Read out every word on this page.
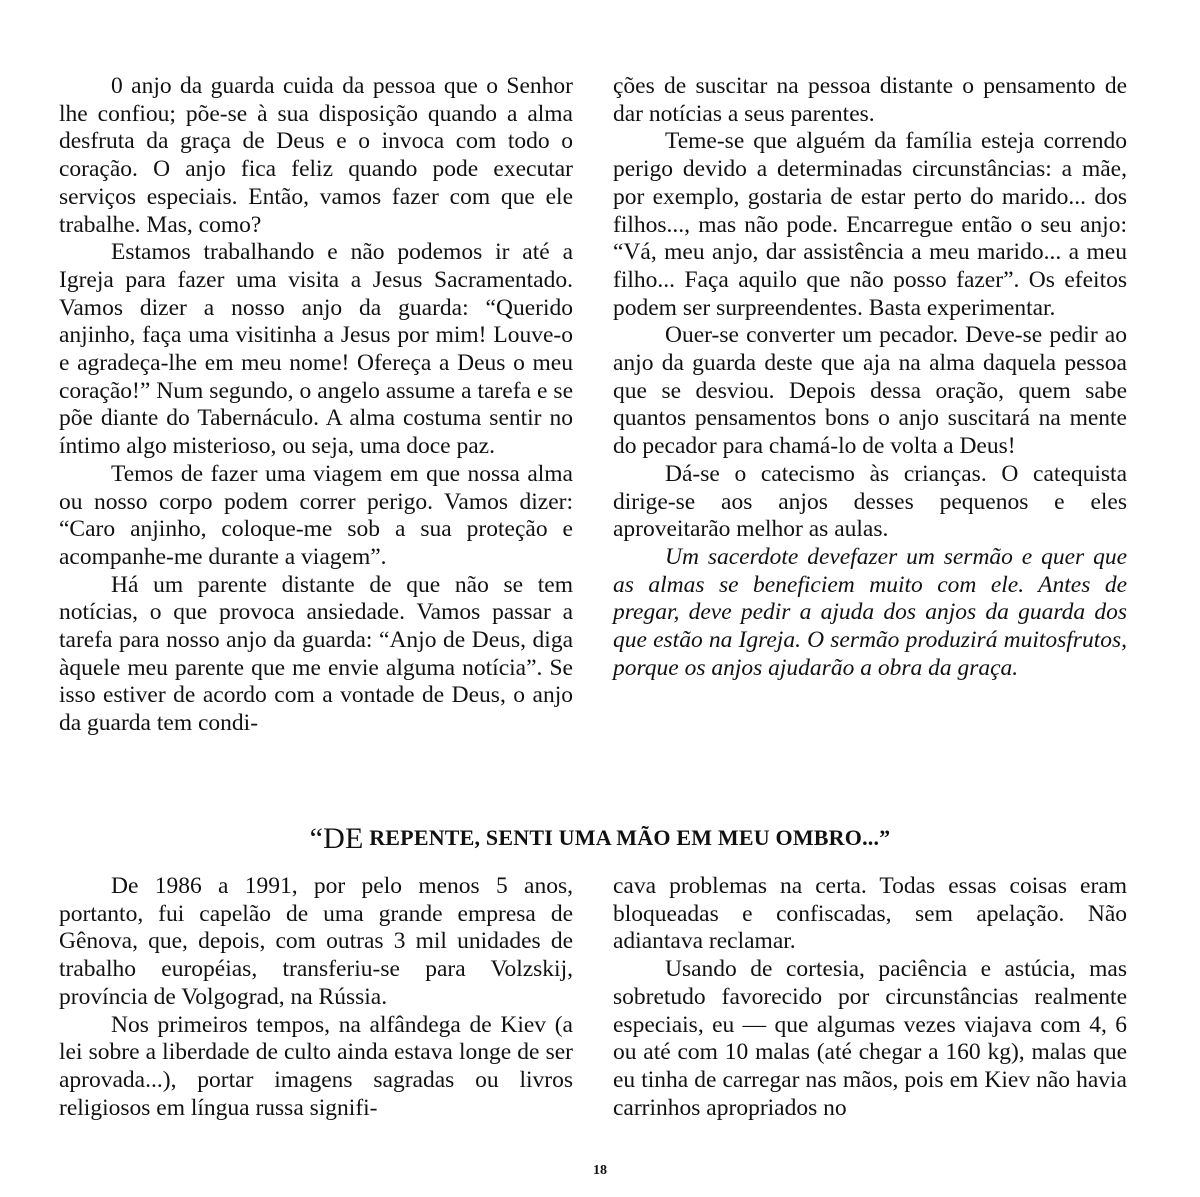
0 anjo da guarda cuida da pessoa que o Senhor lhe confiou; põe-se à sua disposição quando a alma desfruta da graça de Deus e o invoca com todo o coração. O anjo fica feliz quando pode executar serviços especiais. Então, vamos fazer com que ele trabalhe. Mas, como?

Estamos trabalhando e não podemos ir até a Igreja para fazer uma visita a Jesus Sacramentado. Vamos dizer a nosso anjo da guarda: “Querido anjinho, faça uma visitinha a Jesus por mim! Louve-o e agradeça-lhe em meu nome! Ofereça a Deus o meu coração!” Num segundo, o angelo assume a tarefa e se põe diante do Tabernáculo. A alma costuma sentir no íntimo algo misterioso, ou seja, uma doce paz.

Temos de fazer uma viagem em que nossa alma ou nosso corpo podem correr perigo. Vamos dizer: “Caro anjinho, coloque-me sob a sua proteção e acompanhe-me durante a viagem”.

Há um parente distante de que não se tem notícias, o que provoca ansiedade. Vamos passar a tarefa para nosso anjo da guarda: “Anjo de Deus, diga àquele meu parente que me envie alguma notícia”. Se isso estiver de acordo com a vontade de Deus, o anjo da guarda tem condi-

ções de suscitar na pessoa distante o pensamento de dar notícias a seus parentes.

Teme-se que alguém da família esteja correndo perigo devido a determinadas circunstâncias: a mãe, por exemplo, gostaria de estar perto do marido... dos filhos..., mas não pode. Encarregue então o seu anjo: “Vá, meu anjo, dar assistência a meu marido... a meu filho... Faça aquilo que não posso fazer”. Os efeitos podem ser surpreendentes. Basta experimentar.

Ouer-se converter um pecador. Deve-se pedir ao anjo da guarda deste que aja na alma daquela pessoa que se desviou. Depois dessa oração, quem sabe quantos pensamentos bons o anjo suscitará na mente do pecador para chamá-lo de volta a Deus!

Dá-se o catecismo às crianças. O catequista dirige-se aos anjos desses pequenos e eles aproveitarão melhor as aulas.

Um sacerdote devefazer um sermão e quer que as almas se beneficiem muito com ele. Antes de pregar, deve pedir a ajuda dos anjos da guarda dos que estão na Igreja. O sermão produzirá muitosfrutos, porque os anjos ajudarão a obra da graça.

“DE REPENTE, SENTI UMA MÃO EM MEU OMBRO...”

De 1986 a 1991, por pelo menos 5 anos, portanto, fui capelão de uma grande empresa de Gênova, que, depois, com outras 3 mil unidades de trabalho européias, transferiu-se para Volzskij, província de Volgograd, na Rússia.

Nos primeiros tempos, na alfândega de Kiev (a lei sobre a liberdade de culto ainda estava longe de ser aprovada...), portar imagens sagradas ou livros religiosos em língua russa signifi-

cava problemas na certa. Todas essas coisas eram bloqueadas e confiscadas, sem apelação. Não adiantava reclamar.

Usando de cortesia, paciência e astúcia, mas sobretudo favorecido por circunstâncias realmente especiais, eu — que algumas vezes viajava com 4, 6 ou até com 10 malas (até chegar a 160 kg), malas que eu tinha de carregar nas mãos, pois em Kiev não havia carrinhos apropriados no

18
